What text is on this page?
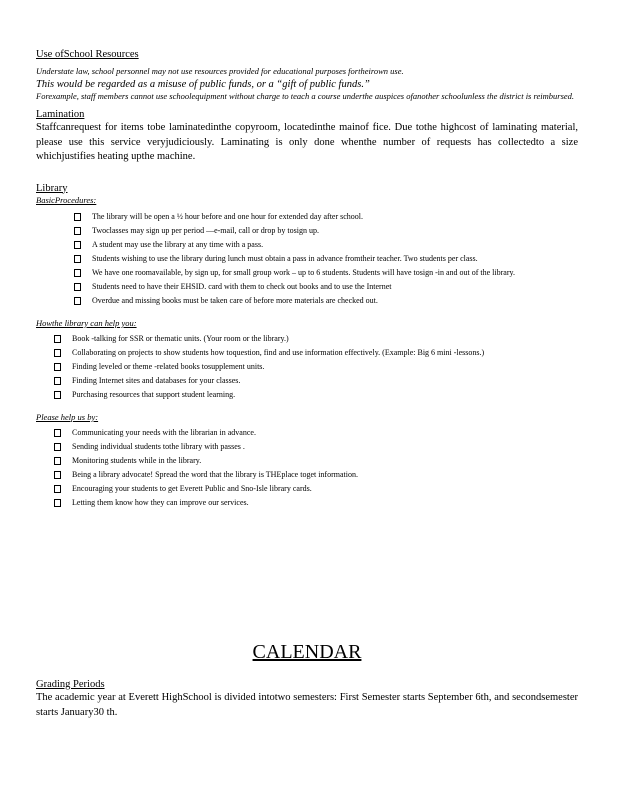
Use ofSchool Resources
Understate law, school personnel may not use resources provided for educational purposes fortheirown use.
This would be regarded as a misuse of public funds, or a “gift of public funds.”
Forexample, staff members cannot use schoolequipment without charge to teach a course underthe auspices ofanother schoolunless the district is reimbursed.
Lamination
Staffcanrequest for items tobe laminatedinthe copyroom, locatedinthe mainof fice. Due tothe highcost of laminating material, please use this service veryjudiciously. Laminating is only done whenthe number of requests has collectedto a size whichjustifies heating upthe machine.
Library
BasicProcedures:
The library will be open a ½ hour before and one hour for extended day after school.
Twoclasses may sign up per period —e-mail, call or drop by tosign up.
A student may use the library at any time with a pass.
Students wishing to use the library during lunch must obtain a pass in advance fromtheir teacher. Two students per class.
We have one roomavailable, by sign up, for small group work – up to 6 students. Students will have tosign -in and out of the library.
Students need to have their EHSID. card with them to check out books and to use the Internet
Overdue and missing books must be taken care of before more materials are checked out.
Howthe library can help you:
Book -talking for SSR or thematic units. (Your room or the library.)
Collaborating on projects to show students how toquestion, find and use information effectively. (Example: Big 6 mini -lessons.)
Finding leveled or theme -related books tosupplement units.
Finding Internet sites and databases for your classes.
Purchasing resources that support student learning.
Please help us by:
Communicating your needs with the librarian in advance.
Sending individual students tothe library with passes .
Monitoring students while in the library.
Being a library advocate! Spread the word that the library is THEplace toget information.
Encouraging your students to get Everett Public and Sno-Isle library cards.
Letting them know how they can improve our services.
CALENDAR
Grading Periods
The academic year at Everett HighSchool is divided intotwo semesters: First Semester starts September 6th, and secondsemester starts January30 th.
